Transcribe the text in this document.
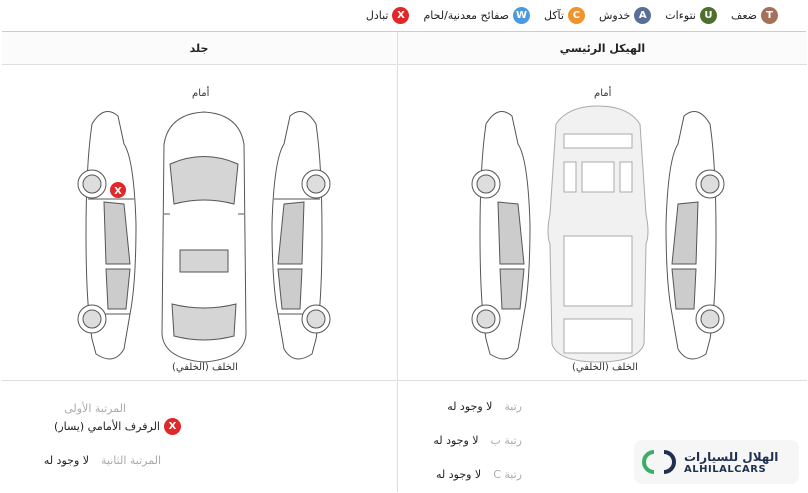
T
ضعف
U
نتوءات
A
خدوش
C
تآكل
W
صفائح معدنية/لحام
X
تبادل
جلد
أمام
X
الخلف (الخلفي)
المرتبة الأولى
X
الرفرف الأمامي (يسار)
المرتبة الثانية
لا وجود له
الهيكل الرئيسي
أمام
الخلف (الخلفي)
رتبة
لا وجود له
رتبة ب
لا وجود له
رتبة C
لا وجود له
الهلال للسيارات
ALHILALCARS
